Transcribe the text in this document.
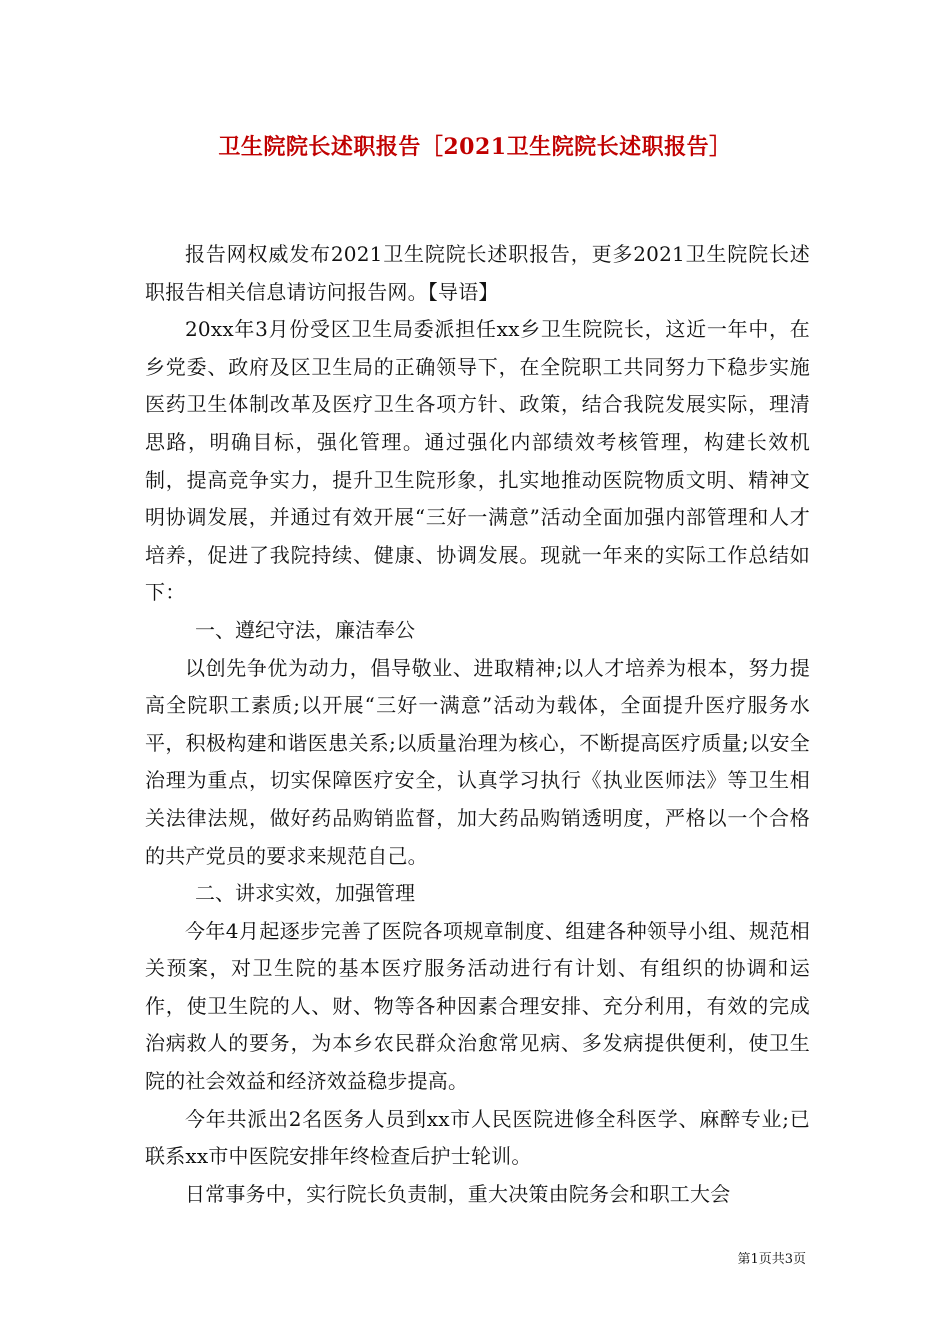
卫生院院长述职报告［2021卫生院院长述职报告］

报告网权威发布2021卫生院院长述职报告，更多2021卫生院院长述职报告相关信息请访问报告网。【导语】

20xx年3月份受区卫生局委派担任xx乡卫生院院长，这近一年中，在乡党委、政府及区卫生局的正确领导下，在全院职工共同努力下稳步实施医药卫生体制改革及医疗卫生各项方针、政策，结合我院发展实际，理清思路，明确目标，强化管理。通过强化内部绩效考核管理，构建长效机制，提高竞争实力，提升卫生院形象，扎实地推动医院物质文明、精神文明协调发展，并通过有效开展“三好一满意”活动全面加强内部管理和人才培养，促进了我院持续、健康、协调发展。现就一年来的实际工作总结如下：

一、遵纪守法，廉洁奉公

以创先争优为动力，倡导敬业、进取精神;以人才培养为根本，努力提高全院职工素质;以开展“三好一满意”活动为载体，全面提升医疗服务水平，积极构建和谐医患关系;以质量治理为核心，不断提高医疗质量;以安全治理为重点，切实保障医疗安全，认真学习执行《执业医师法》等卫生相关法律法规，做好药品购销监督，加大药品购销透明度，严格以一个合格的共产党员的要求来规范自己。

二、讲求实效，加强管理

今年4月起逐步完善了医院各项规章制度、组建各种领导小组、规范相关预案，对卫生院的基本医疗服务活动进行有计划、有组织的协调和运作，使卫生院的人、财、物等各种因素合理安排、充分利用，有效的完成治病救人的要务，为本乡农民群众治愈常见病、多发病提供便利，使卫生院的社会效益和经济效益稳步提高。

今年共派出2名医务人员到xx市人民医院进修全科医学、麻醉专业;已联系xx市中医院安排年终检查后护士轮训。

日常事务中，实行院长负责制，重大决策由院务会和职工大会

第1页共3页
